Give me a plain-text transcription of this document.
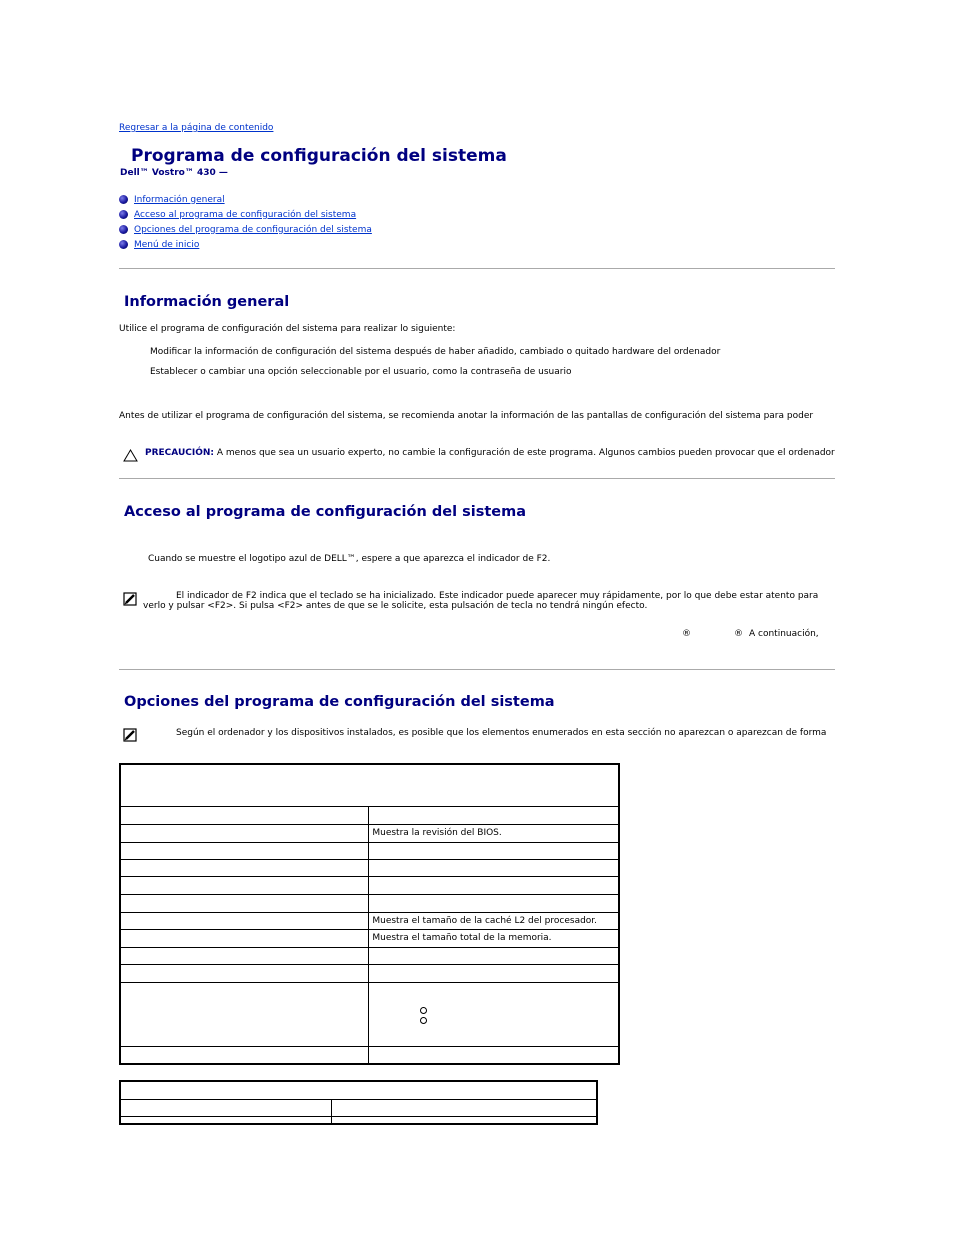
Regresar a la página de contenido
Programa de configuración del sistema
Dell™ Vostro™ 430 —
Información general
Acceso al programa de configuración del sistema
Opciones del programa de configuración del sistema
Menú de inicio
Información general
Utilice el programa de configuración del sistema para realizar lo siguiente:
Modificar la información de configuración del sistema después de haber añadido, cambiado o quitado hardware del ordenador
Establecer o cambiar una opción seleccionable por el usuario, como la contraseña de usuario
Antes de utilizar el programa de configuración del sistema, se recomienda anotar la información de las pantallas de configuración del sistema para poder
PRECAUCIÓN: A menos que sea un usuario experto, no cambie la configuración de este programa. Algunos cambios pueden provocar que el ordenador
Acceso al programa de configuración del sistema
Cuando se muestre el logotipo azul de DELL™, espere a que aparezca el indicador de F2.
El indicador de F2 indica que el teclado se ha inicializado. Este indicador puede aparecer muy rápidamente, por lo que debe estar atento para
verlo y pulsar <F2>. Si pulsa <F2> antes de que se le solicite, esta pulsación de tecla no tendrá ningún efecto.
®	® A continuación,
Opciones del programa de configuración del sistema
Según el ordenador y los dispositivos instalados, es posible que los elementos enumerados en esta sección no aparezcan o aparezcan de forma

	Muestra la revisión del BIOS.

	Muestra el tamaño de la caché L2 del procesador.
	Muestra el tamaño total de la memoria.
